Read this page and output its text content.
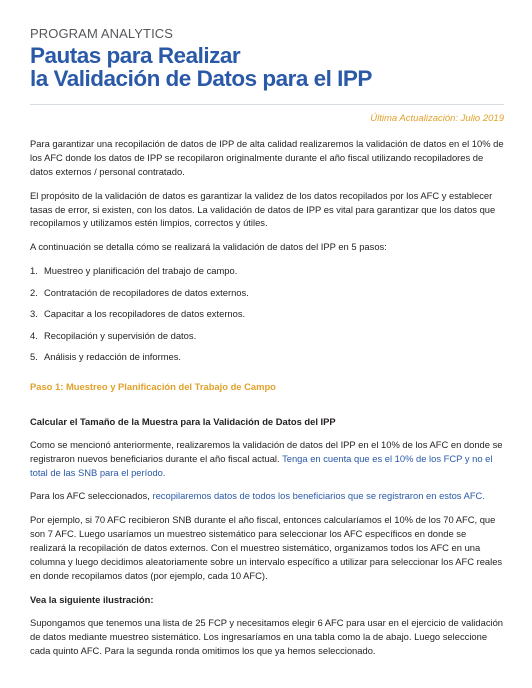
PROGRAM ANALYTICS
Pautas para Realizar
la Validación de Datos para el IPP
Última Actualización: Julio 2019

Para garantizar una recopilación de datos de IPP de alta calidad realizaremos la validación de datos en el 10% de los AFC donde los datos de IPP se recopilaron originalmente durante el año fiscal utilizando recopiladores de datos externos / personal contratado.

El propósito de la validación de datos es garantizar la validez de los datos recopilados por los AFC y establecer tasas de error, si existen, con los datos. La validación de datos de IPP es vital para garantizar que los datos que recopilamos y utilizamos estén limpios, correctos y útiles.

A continuación se detalla cómo se realizará la validación de datos del IPP en 5 pasos:

1. Muestreo y planificación del trabajo de campo.
2. Contratación de recopiladores de datos externos.
3. Capacitar a los recopiladores de datos externos.
4. Recopilación y supervisión de datos.
5. Análisis y redacción de informes.

Paso 1: Muestreo y Planificación del Trabajo de Campo

Calcular el Tamaño de la Muestra para la Validación de Datos del IPP

Como se mencionó anteriormente, realizaremos la validación de datos del IPP en el 10% de los AFC en donde se registraron nuevos beneficiarios durante el año fiscal actual. Tenga en cuenta que es el 10% de los FCP y no el total de las SNB para el período.

Para los AFC seleccionados, recopilaremos datos de todos los beneficiarios que se registraron en estos AFC.

Por ejemplo, si 70 AFC recibieron SNB durante el año fiscal, entonces calcularíamos el 10% de los 70 AFC, que son 7 AFC. Luego usaríamos un muestreo sistemático para seleccionar los AFC específicos en donde se realizará la recopilación de datos externos. Con el muestreo sistemático, organizamos todos los AFC en una columna y luego decidimos aleatoriamente sobre un intervalo específico a utilizar para seleccionar los AFC reales en donde recopilamos datos (por ejemplo, cada 10 AFC).

Vea la siguiente ilustración:

Supongamos que tenemos una lista de 25 FCP y necesitamos elegir 6 AFC para usar en el ejercicio de validación de datos mediante muestreo sistemático. Los ingresaríamos en una tabla como la de abajo. Luego seleccione cada quinto AFC. Para la segunda ronda omitimos los que ya hemos seleccionado.
